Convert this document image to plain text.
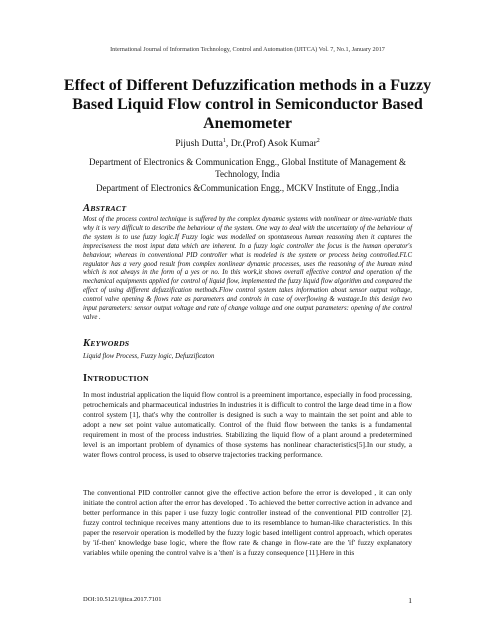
International Journal of Information Technology, Control and Automation (IJITCA) Vol. 7, No.1, January 2017
Effect of Different Defuzzification methods in a Fuzzy Based Liquid Flow control in Semiconductor Based Anemometer
Pijush Dutta$^1$, Dr.(Prof) Asok Kumar$^2$
Department of Electronics & Communication Engg., Global Institute of Management & Technology, India
Department of Electronics &Communication Engg., MCKV Institute of Engg.,India
ABSTRACT

Most of the process control technique is suffered by the complex dynamic systems with nonlinear or time-variable thats why it is very difficult to describe the behaviour of the system. One way to deal with the uncertainty of the behaviour of the system is to use fuzzy logic.If Fuzzy logic was modelled on spontaneous human reasoning then it captures the impreciseness the most input data which are inherent. In a fuzzy logic controller the focus is the human operator's behaviour, whereas in conventional PID controller what is modeled is the system or process being controlled.FLC regulator has a very good result from complex nonlinear dynamic processes, uses the reasoning of the human mind which is not always in the form of a yes or no. In this work,it shows overall effective control and operation of the mechanical equipments applied for control of liquid flow, implemented the fuzzy liquid flow algorithm and compared the effect of using different defuzzification methods.Flow control system takes information about sensor output voltage, control valve opening & flows rate as parameters and controls in case of overflowing & wastage.In this design two input parameters: sensor output voltage and rate of change voltage and one output parameters: opening of the control valve .

KEYWORDS

Liquid flow Process, Fuzzy logic, Defuzzificaton

INTRODUCTION

In most industrial application the liquid flow control is a preeminent importance, especially in food processing, petrochemicals and pharmaceutical industries In industries it is difficult to control the large dead time in a flow control system [1], that's why the controller is designed is such a way to maintain the set point and able to adopt a new set point value automatically. Control of the fluid flow between the tanks is a fundamental requirement in most of the process industries. Stabilizing the liquid flow of a plant around a predetermined level is an important problem of dynamics of those systems has nonlinear characteristics[5].In our study, a water flows control process, is used to observe trajectories tracking performance.

The conventional PID controller cannot give the effective action before the error is developed , it can only initiate the control action after the error has developed . To achieved the better corrective action in advance and better performance in this paper i use fuzzy logic controller instead of the conventional PID controller [2]. fuzzy control technique receives many attentions due to its resemblance to human-like characteristics. In this paper the reservoir operation is modelled by the fuzzy logic based intelligent control approach, which operates by 'if-then' knowledge base logic, where the flow rate & change in flow-rate are the 'if' fuzzy explanatory variables while opening the control valve is a 'then' is a fuzzy consequence [11].Here in this

DOI:10.5121/ijitca.2017.7101	1
